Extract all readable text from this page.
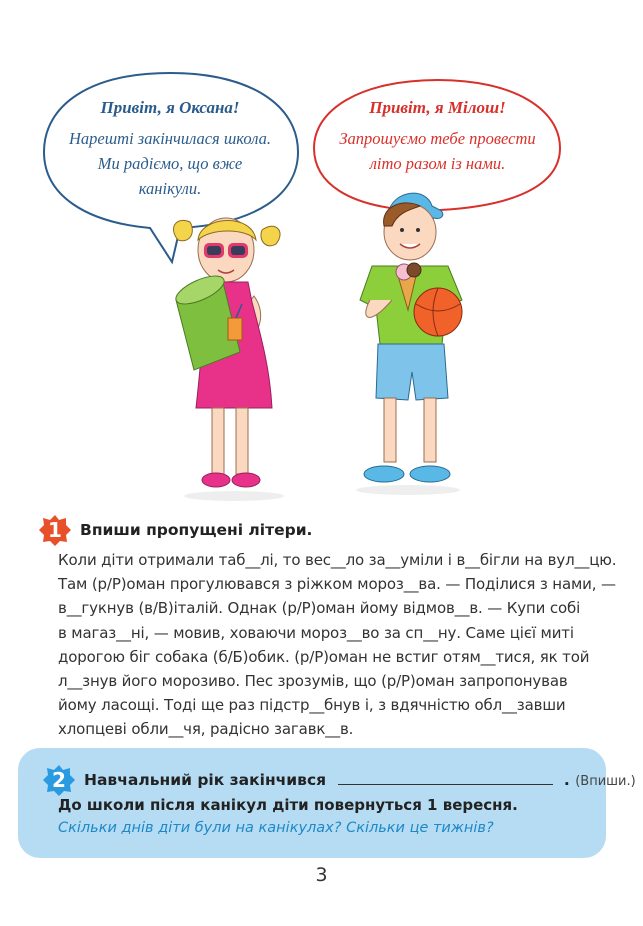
Привіт, я Оксана!
Нарешті закінчилася школа.
Ми радіємо, що вже
канікули.
Привіт, я Мілош!
Запрошуємо тебе провести
літо разом із нами.
1	Впиши пропущені літери.
Коли діти отримали таб__лі, то вес__ло за__уміли і в__бігли на вул__цю.
Там (р/Р)оман прогулювався з ріжком мороз__ва. — Поділися з нами, —
в__гукнув (в/В)італій. Однак (р/Р)оман йому відмов__в. — Купи собі
в магаз__ні, — мовив, ховаючи мороз__во за сп__ну. Саме цієї миті
дорогою біг собака (б/Б)обик. (р/Р)оман не встиг отям__тися, як той
л__знув його морозиво. Пес зрозумів, що (р/Р)оман запропонував
йому ласощі. Тоді ще раз підстр__бнув і, з вдячністю обл__завши
хлопцеві обли__чя, радісно загавк__в.
2	Навчальний рік закінчився	. (Впиши.)
До школи після канікул діти повернуться 1 вересня.
Скільки днів діти були на канікулах? Скільки це тижнів?
3
